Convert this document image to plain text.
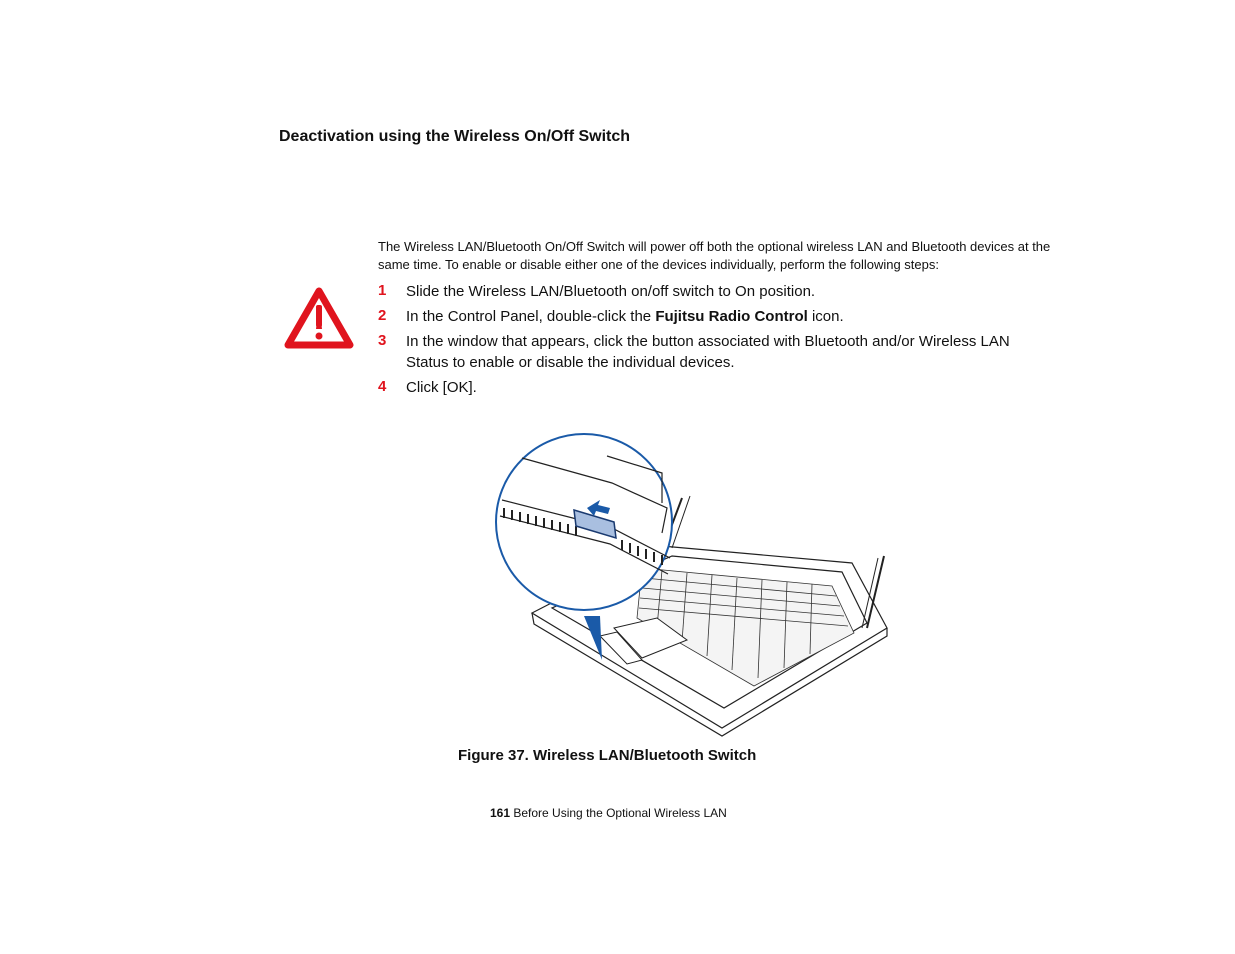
Deactivation using the Wireless On/Off Switch
The Wireless LAN/Bluetooth On/Off Switch will power off both the optional wireless LAN and Bluetooth devices at the same time. To enable or disable either one of the devices individually, perform the following steps:
1 Slide the Wireless LAN/Bluetooth on/off switch to On position.
2 In the Control Panel, double-click the Fujitsu Radio Control icon.
3 In the window that appears, click the button associated with Bluetooth and/or Wireless LAN Status to enable or disable the individual devices.
4 Click [OK].
Figure 37. Wireless LAN/Bluetooth Switch
161 Before Using the Optional Wireless LAN
